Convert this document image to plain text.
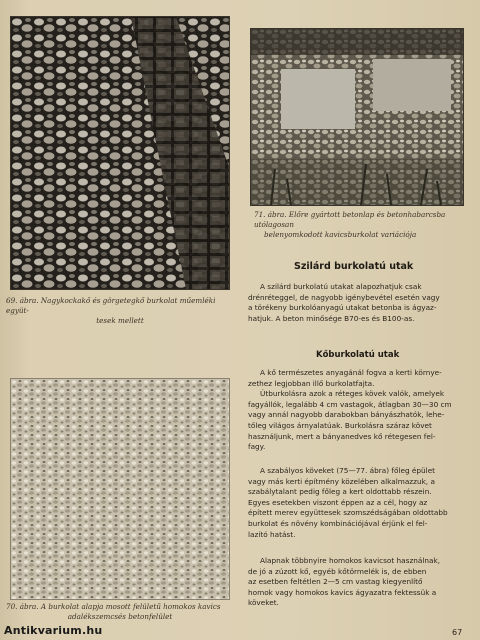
69. ábra. Nagykockakő és görgetegkő burkolat műemléki együt-
tesek mellett
71. ábra. Előre gyártott betonlap és betonhabarcsba utólagosan
belenyomkodott kavicsburkolat variációja
70. ábra. A burkolat alapja mosott felületű homokos kavics
adalékszemcsés betonfelület
Szilárd burkolatú utak
A szilárd burkolatú utakat alapozhatjuk csak
drénréteggel, de nagyobb igénybevétel esetén vagy
a törékeny burkolóanyagú utakat betonba is ágyaz-
hatjuk. A beton minősége B70-es és B100-as.
Kőburkolatú utak
A kő természetes anyagánál fogva a kerti környe-
zethez legjobban illő burkolatfajta.
Útburkolásra azok a réteges kövek valók, amelyek
fagyállók, legalább 4 cm vastagok, átlagban 30—30 cm
vagy annál nagyobb darabokban bányászhatók, lehe-
tőleg világos árnyalatúak. Burkolásra száraz követ
használjunk, mert a bányanedves kő rétegesen fel-
fagy.
A szabályos köveket (75—77. ábra) főleg épület
vagy más kerti építmény közelében alkalmazzuk, a
szabálytalant pedig főleg a kert oldottabb részein.
Egyes esetekben viszont éppen az a cél, hogy az
épített merev együttesek szomszédságában oldottabb
burkolat és növény kombinációjával érjünk el fel-
lazító hatást.
Alapnak többnyire homokos kavicsot használnak,
de jó a zúzott kő, egyéb kőtörmelék is, de ebben
az esetben feltétlen 2—5 cm vastag kiegyenlítő
homok vagy homokos kavics ágyazatra fektessük a
köveket.
Antikvarium.hu	67
